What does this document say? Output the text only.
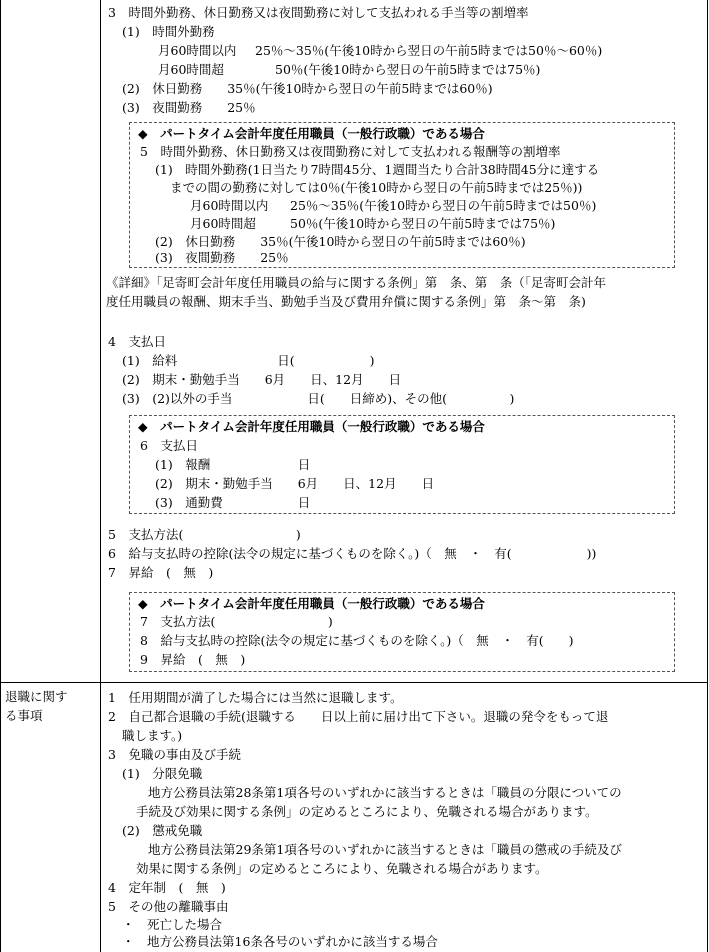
3　時間外勤務、休日勤務又は夜間勤務に対して支払われる手当等の割増率
(1)　時間外勤務
月60時間以内 25％～35％(午後10時から翌日の午前5時までは50％～60％)
月60時間超	50％(午後10時から翌日の午前5時までは75％)
(2)　休日勤務　　35％(午後10時から翌日の午前5時までは60％)
(3)　夜間勤務　　25％
◆　パートタイム会計年度任用職員（一般行政職）である場合
5　時間外勤務、休日勤務又は夜間勤務に対して支払われる報酬等の割増率
(1)　時間外勤務(1日当たり7時間45分、1週間当たり合計38時間45分に達する
までの間の勤務に対しては0％(午後10時から翌日の午前5時までは25％))
月60時間以内 25％～35％(午後10時から翌日の午前5時までは50％)
月60時間超	50％(午後10時から翌日の午前5時までは75％)
(2)　休日勤務　　35％(午後10時から翌日の午前5時までは60％)
(3)　夜間勤務　　25％
《詳細》「足寄町会計年度任用職員の給与に関する条例」第　条、第　条（「足寄町会計年
度任用職員の報酬、期末手当、勤勉手当及び費用弁償に関する条例」第　条～第　条)
4　支払日
(1)　給料　　　　　　　　日(　　　　　　)
(2)　期末・勤勉手当　　6月　　日、12月　　日
(3)　(2)以外の手当　　　　　　日(　　日締め)、その他(　　　　　)
◆　パートタイム会計年度任用職員（一般行政職）である場合
6　支払日
(1)　報酬　　　　　　　日
(2)　期末・勤勉手当　　6月　　日、12月　　日
(3)　通勤費　　　　　　日
5　支払方法(　　　　　　　　　)
6　給与支払時の控除(法令の規定に基づくものを除く。)（　無　・　有(　　　　　　))
7　昇給　(　無　)
◆　パートタイム会計年度任用職員（一般行政職）である場合
7　支払方法(　　　　　　　　　)
8　給与支払時の控除(法令の規定に基づくものを除く。)（　無　・　有(　　)
9　昇給　(　無　)
退職に関す
る事項
1　任用期間が満了した場合には当然に退職します。
2　自己都合退職の手続(退職する　　日以上前に届け出て下さい。退職の発令をもって退
職します。)
3　免職の事由及び手続
(1)　分限免職
地方公務員法第28条第1項各号のいずれかに該当するときは「職員の分限についての
手続及び効果に関する条例」の定めるところにより、免職される場合があります。
(2)　懲戒免職
地方公務員法第29条第1項各号のいずれかに該当するときは「職員の懲戒の手続及び
効果に関する条例」の定めるところにより、免職される場合があります。
4　定年制　(　無　)
5　その他の離職事由
・　死亡した場合
・　地方公務員法第16条各号のいずれかに該当する場合
